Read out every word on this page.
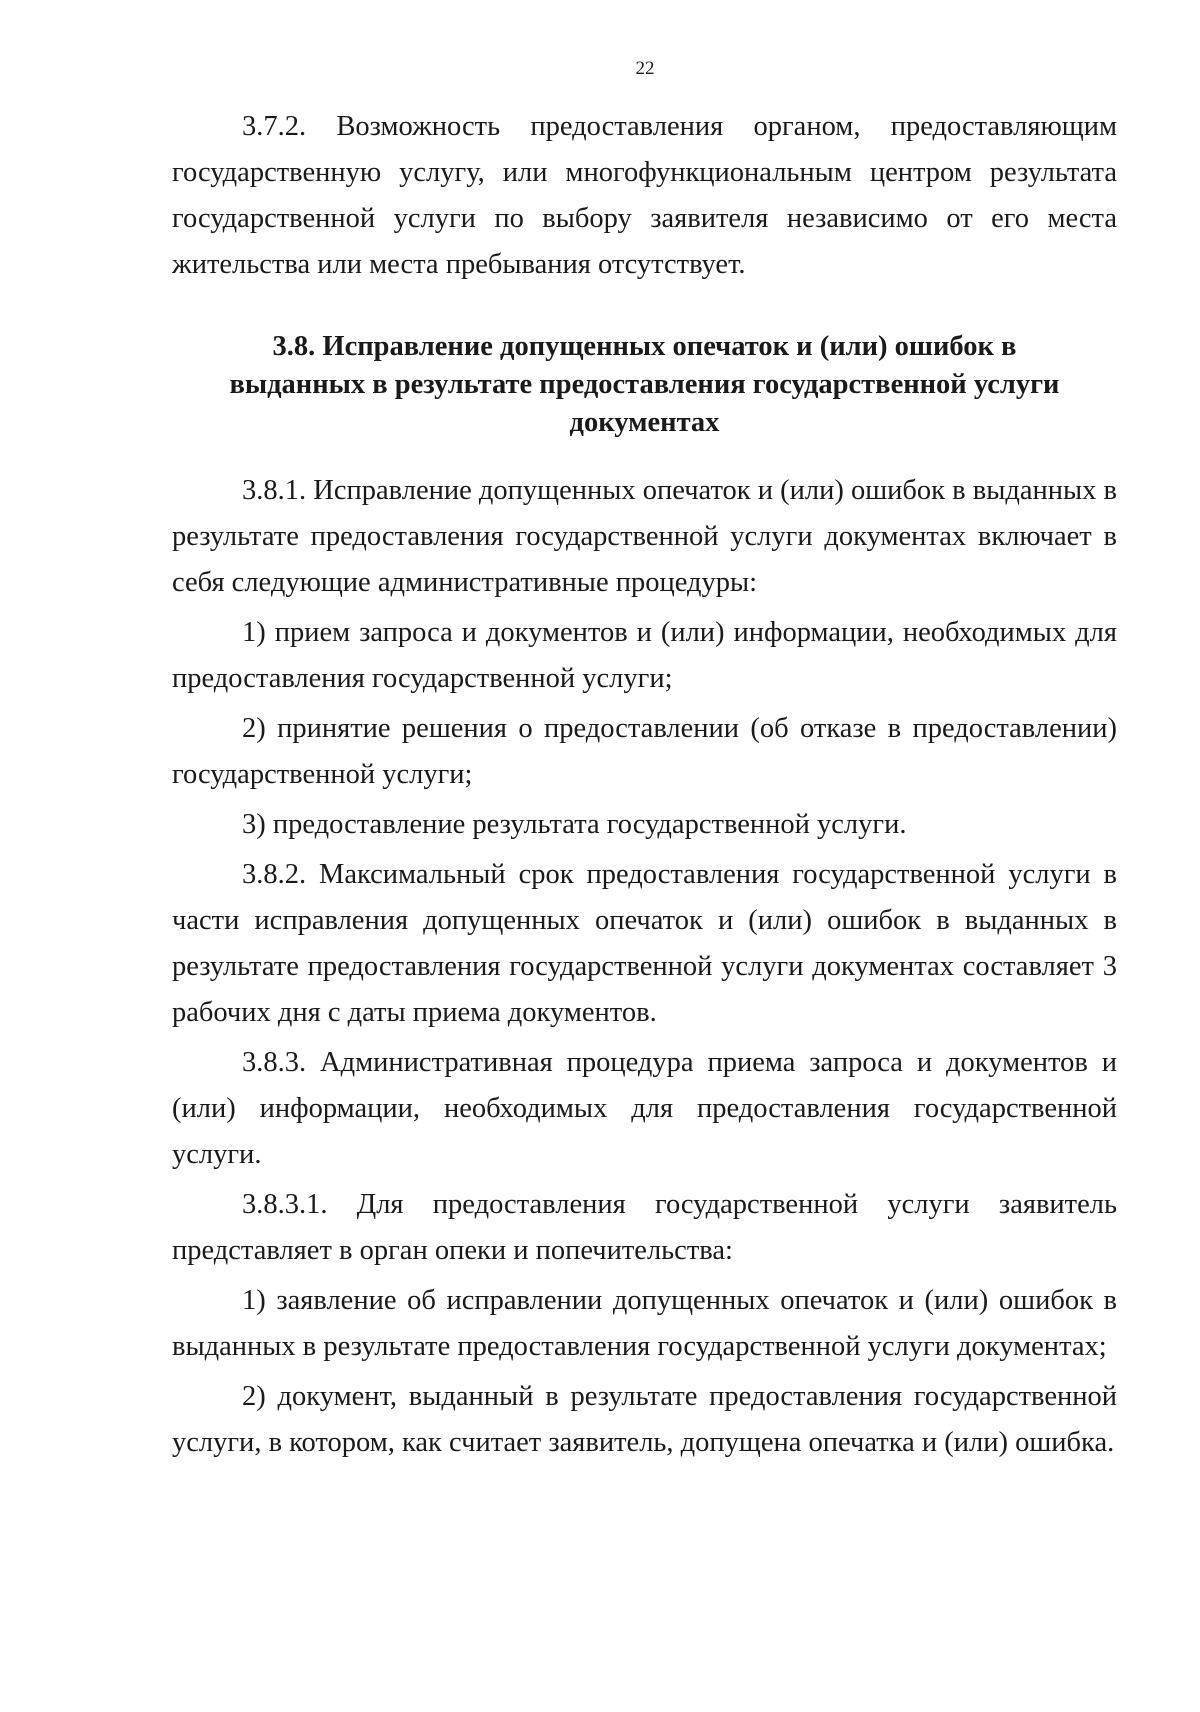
22

3.7.2. Возможность предоставления органом, предоставляющим государственную услугу, или многофункциональным центром результата государственной услуги по выбору заявителя независимо от его места жительства или места пребывания отсутствует.

3.8. Исправление допущенных опечаток и (или) ошибок в выданных в результате предоставления государственной услуги документах

3.8.1. Исправление допущенных опечаток и (или) ошибок в выданных в результате предоставления государственной услуги документах включает в себя следующие административные процедуры:

1) прием запроса и документов и (или) информации, необходимых для предоставления государственной услуги;

2) принятие решения о предоставлении (об отказе в предоставлении) государственной услуги;

3) предоставление результата государственной услуги.

3.8.2. Максимальный срок предоставления государственной услуги в части исправления допущенных опечаток и (или) ошибок в выданных в результате предоставления государственной услуги документах составляет 3 рабочих дня с даты приема документов.

3.8.3. Административная процедура приема запроса и документов и (или) информации, необходимых для предоставления государственной услуги.

3.8.3.1. Для предоставления государственной услуги заявитель представляет в орган опеки и попечительства:

1) заявление об исправлении допущенных опечаток и (или) ошибок в выданных в результате предоставления государственной услуги документах;

2) документ, выданный в результате предоставления государственной услуги, в котором, как считает заявитель, допущена опечатка и (или) ошибка.
